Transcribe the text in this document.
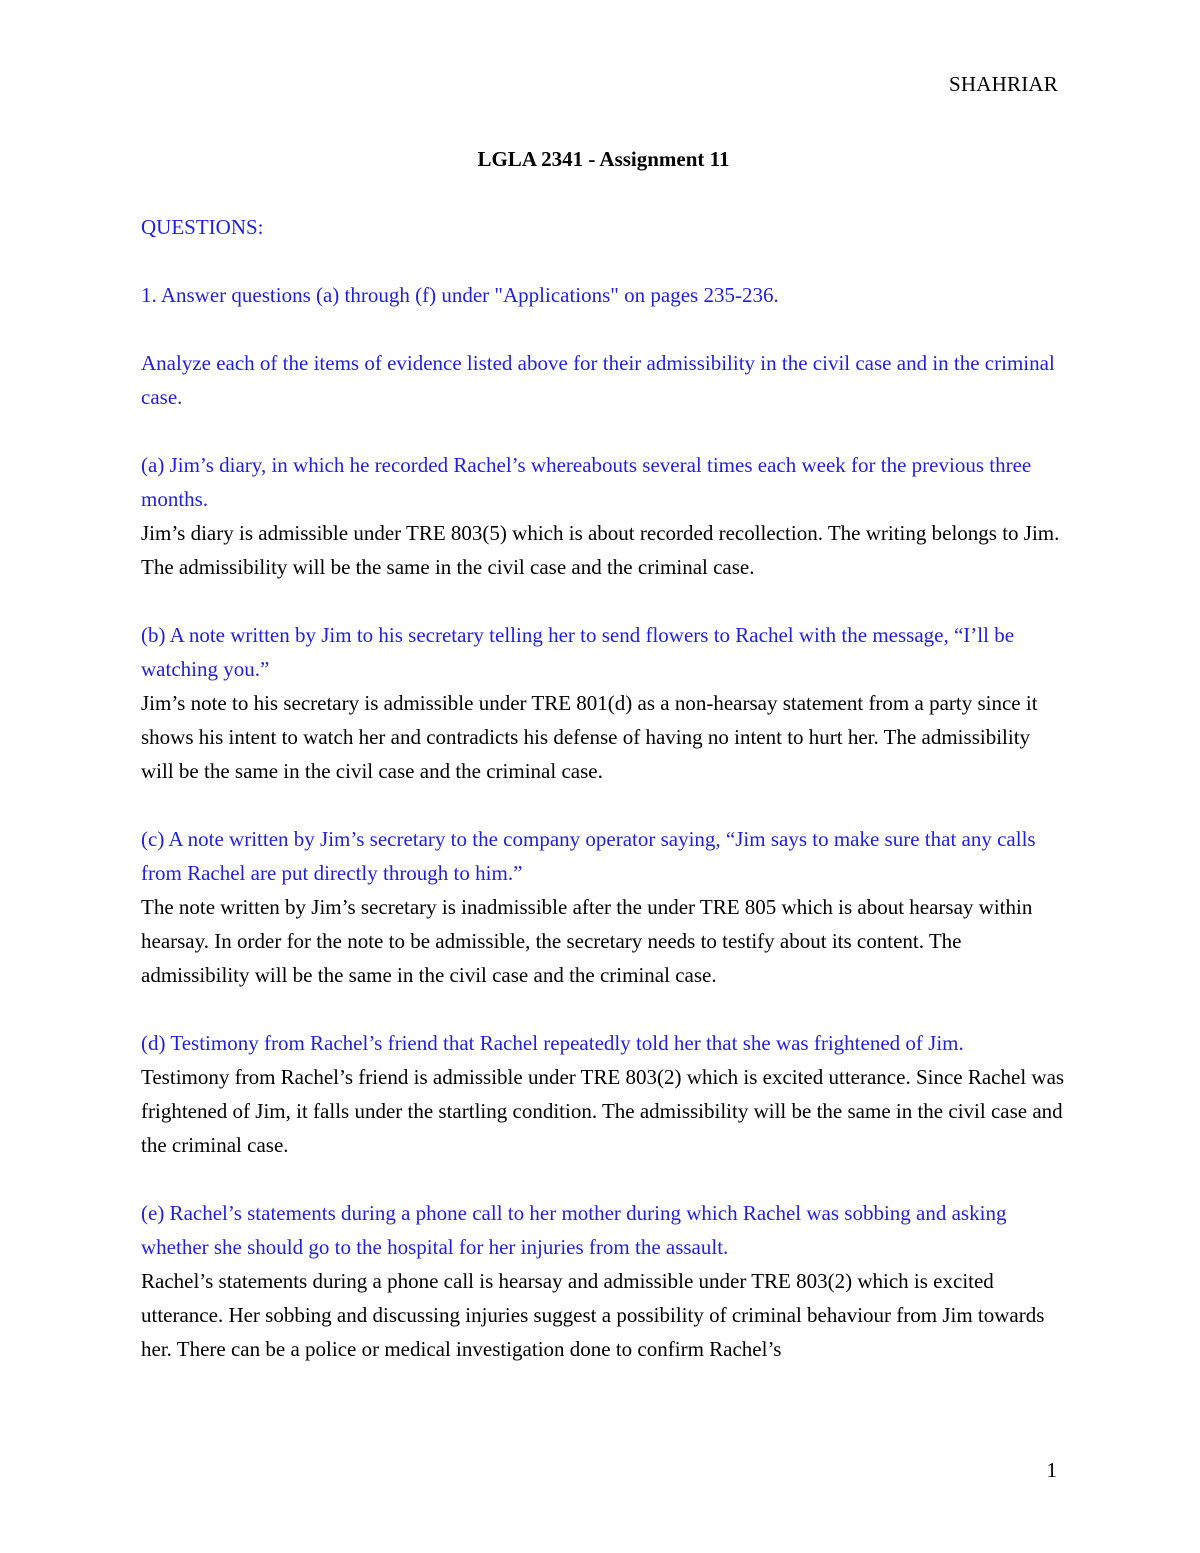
SHAHRIAR

LGLA 2341 - Assignment 11

QUESTIONS:

1. Answer questions (a) through (f) under "Applications" on pages 235-236.

Analyze each of the items of evidence listed above for their admissibility in the civil case and in the criminal case.

(a) Jim’s diary, in which he recorded Rachel’s whereabouts several times each week for the previous three months.

Jim’s diary is admissible under TRE 803(5) which is about recorded recollection. The writing belongs to Jim. The admissibility will be the same in the civil case and the criminal case.

(b) A note written by Jim to his secretary telling her to send flowers to Rachel with the message, “I’ll be watching you.”

Jim’s note to his secretary is admissible under TRE 801(d) as a non-hearsay statement from a party since it shows his intent to watch her and contradicts his defense of having no intent to hurt her. The admissibility will be the same in the civil case and the criminal case.

(c) A note written by Jim’s secretary to the company operator saying, “Jim says to make sure that any calls from Rachel are put directly through to him.”

The note written by Jim’s secretary is inadmissible after the under TRE 805 which is about hearsay within hearsay. In order for the note to be admissible, the secretary needs to testify about its content. The admissibility will be the same in the civil case and the criminal case.

(d) Testimony from Rachel’s friend that Rachel repeatedly told her that she was frightened of Jim.

Testimony from Rachel’s friend is admissible under TRE 803(2) which is excited utterance. Since Rachel was frightened of Jim, it falls under the startling condition. The admissibility will be the same in the civil case and the criminal case.

(e) Rachel’s statements during a phone call to her mother during which Rachel was sobbing and asking whether she should go to the hospital for her injuries from the assault.

Rachel’s statements during a phone call is hearsay and admissible under TRE 803(2) which is excited utterance. Her sobbing and discussing injuries suggest a possibility of criminal behaviour from Jim towards her. There can be a police or medical investigation done to confirm Rachel’s

1
